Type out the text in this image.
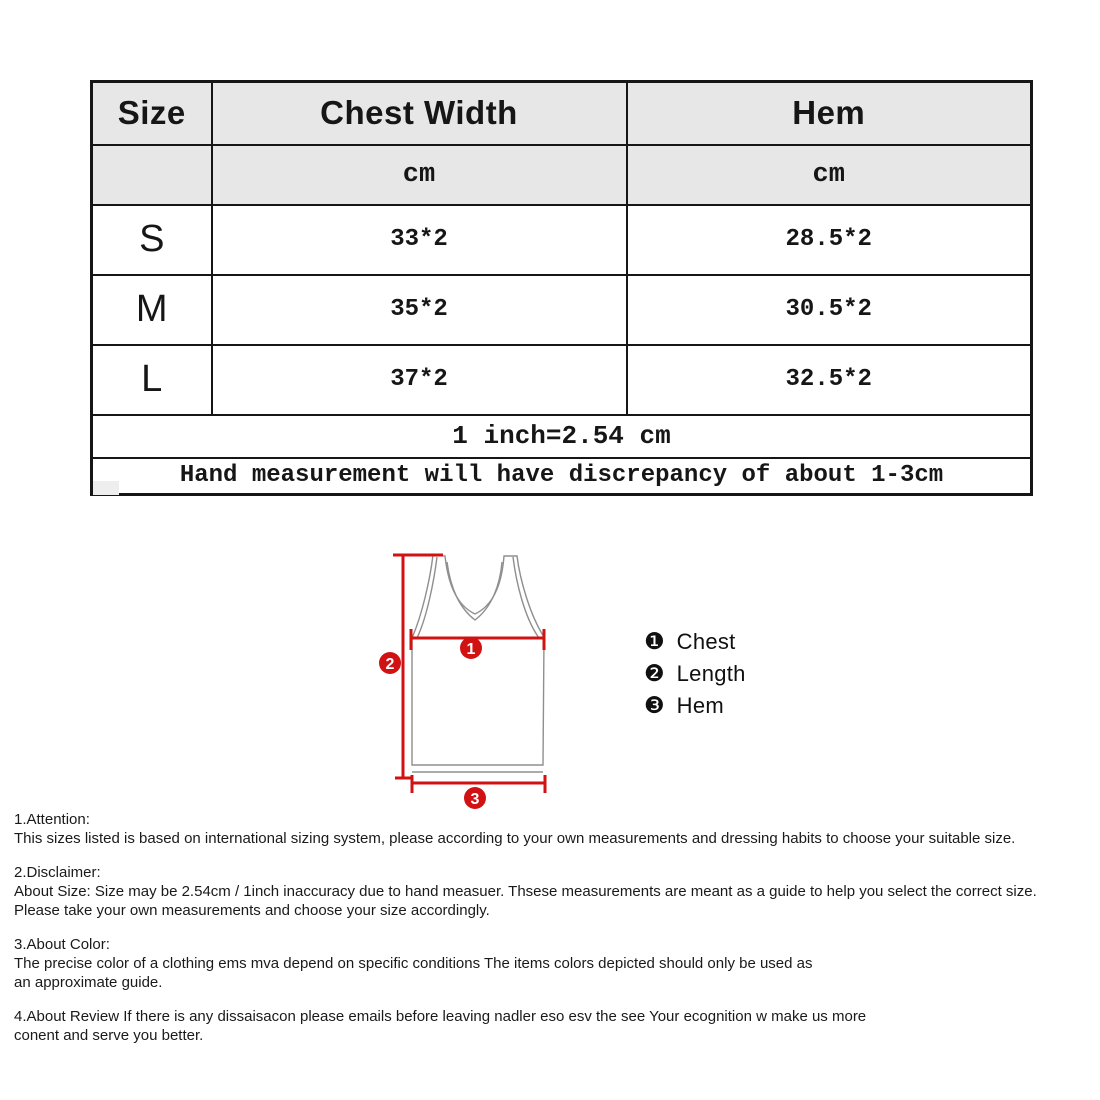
Size	Chest Width	Hem
	cm	cm
S	33*2	28.5*2
M	35*2	30.5*2
L	37*2	32.5*2
1 inch=2.54 cm		
Hand measurement will have discrepancy of about 1-3cm		
1
2
3
❶ Chest
❷ Length
❸ Hem
1.Attention:
This sizes listed is based on international sizing system, please according to your own measurements and dressing habits to choose your suitable size.
2.Disclaimer:
About Size: Size may be 2.54cm / 1inch inaccuracy due to hand measuer. Thsese measurements are meant as a guide to help you select the correct size.
Please take your own measurements and choose your size accordingly.
3.About Color:
The precise color of a clothing ems mva depend on specific conditions The items colors depicted should only be used as
an approximate guide.
4.About Review If there is any dissaisacon please emails before leaving nadler eso esv the see Your ecognition w make us more
conent and serve you better.
